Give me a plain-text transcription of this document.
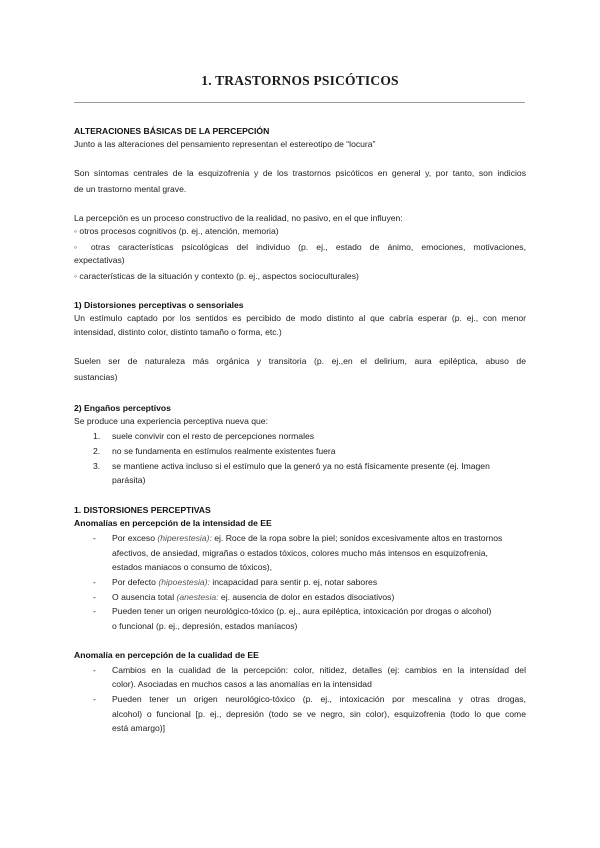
1. TRASTORNOS PSICÓTICOS
ALTERACIONES BÁSICAS DE LA PERCEPCIÓN
Junto a las alteraciones del pensamiento representan el estereotipo de “locura”
Son síntomas centrales de la esquizofrenia y de los trastornos psicóticos en general y, por tanto, son indicios
de un trastorno mental grave.
La percepción es un proceso constructivo de la realidad, no pasivo, en el que influyen:
◦ otros procesos cognitivos (p. ej., atención, memoria)
◦ otras características psicológicas del individuo (p. ej., estado de ánimo, emociones, motivaciones,
expectativas)
◦ características de la situación y contexto (p. ej., aspectos socioculturales)
1) Distorsiones perceptivas o sensoriales
Un estímulo captado por los sentidos es percibido de modo distinto al que cabría esperar (p. ej., con menor
intensidad, distinto color, distinto tamaño o forma, etc.)
Suelen ser de naturaleza más orgánica y transitoria (p. ej.,en el delirium, aura epiléptica, abuso de
sustancias)
2) Engaños perceptivos
Se produce una experiencia perceptiva nueva que:
1. suele convivir con el resto de percepciones normales
2. no se fundamenta en estímulos realmente existentes fuera
3. se mantiene activa incluso si el estímulo que la generó ya no está físicamente presente (ej. Imagen
parásita)
1. DISTORSIONES PERCEPTIVAS
Anomalías en percepción de la intensidad de EE
- Por exceso (hiperestesia): ej. Roce de la ropa sobre la piel; sonidos excesivamente altos en trastornos
afectivos, de ansiedad, migrañas o estados tóxicos, colores mucho más intensos en esquizofrenia,
estados maniacos o consumo de tóxicos),
- Por defecto (hipoestesia): incapacidad para sentir p. ej, notar sabores
- O ausencia total (anestesia: ej. ausencia de dolor en estados disociativos)
- Pueden tener un origen neurológico-tóxico (p. ej., aura epiléptica, intoxicación por drogas o alcohol)
o funcional (p. ej., depresión, estados maníacos)
Anomalía en percepción de la cualidad de EE
- Cambios en la cualidad de la percepción: color, nitidez, detalles (ej: cambios en la intensidad del
color). Asociadas en muchos casos a las anomalías en la intensidad
- Pueden tener un origen neurológico-tóxico (p. ej., intoxicación por mescalina y otras drogas,
alcohol) o funcional [p. ej., depresión (todo se ve negro, sin color), esquizofrenia (todo lo que come
está amargo)]
